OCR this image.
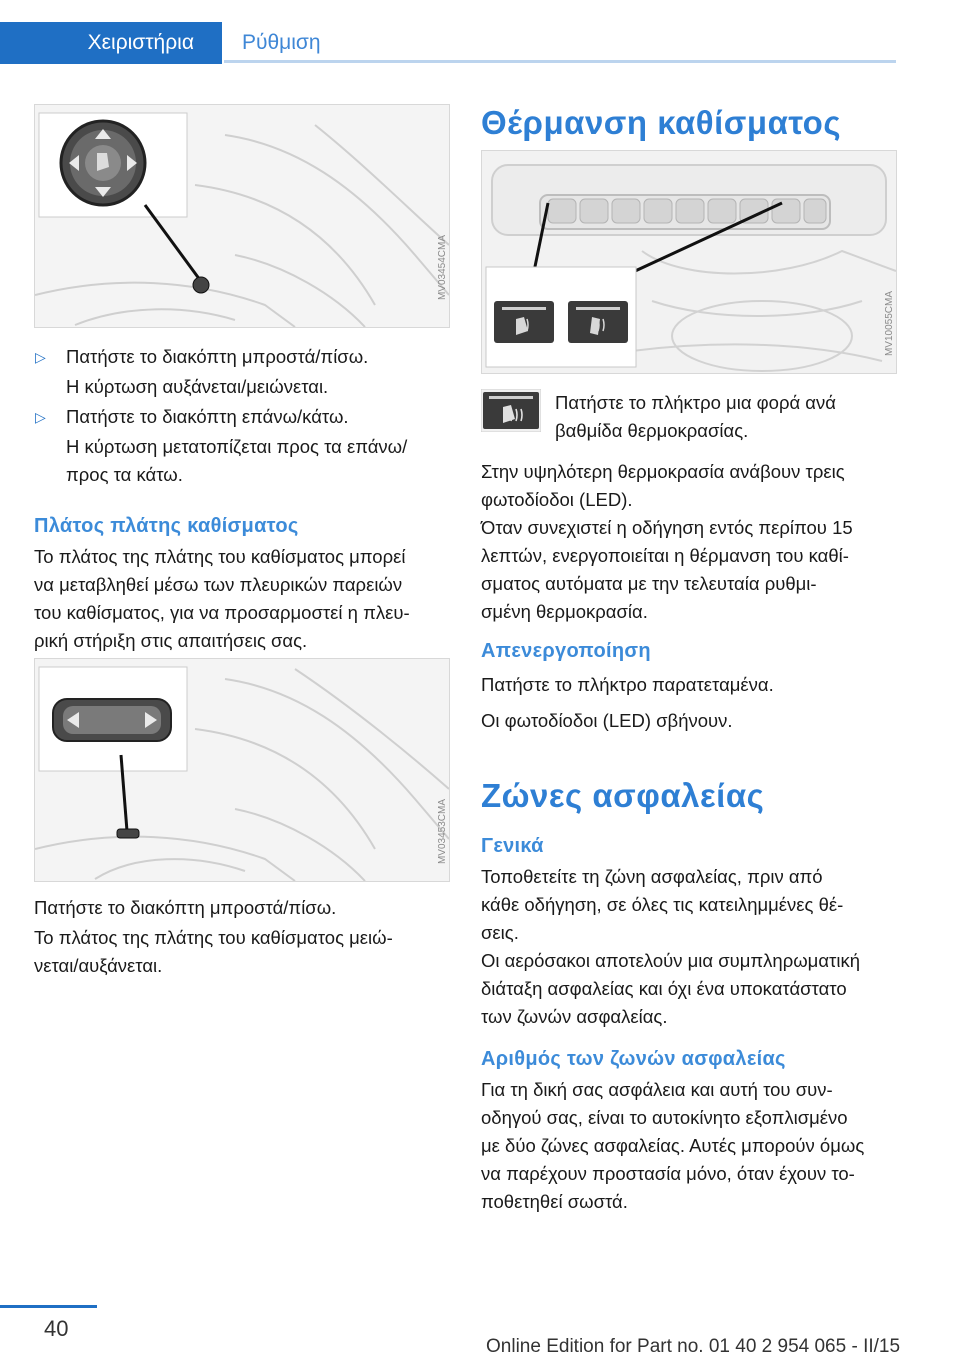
Χειριστήρια Ρύθμιση
MV03454CMA
▷ Πατήστε το διακόπτη μπροστά/πίσω.

Η κύρτωση αυξάνεται/μειώνεται.

▷ Πατήστε το διακόπτη επάνω/κάτω.

Η κύρτωση μετατοπίζεται προς τα επάνω/

προς τα κάτω.

Πλάτος πλάτης καθίσματος

Το πλάτος της πλάτης του καθίσματος μπορεί

να μεταβληθεί μέσω των πλευρικών παρειών

του καθίσματος, για να προσαρμοστεί η πλευ‐

ρική στήριξη στις απαιτήσεις σας.

MV03453CMA

Πατήστε το διακόπτη μπροστά/πίσω.

Το πλάτος της πλάτης του καθίσματος μειώ‐

νεται/αυξάνεται.

Θέρμανση καθίσματος
MV10055CMA

Πατήστε το πλήκτρο μια φορά ανά

βαθμίδα θερμοκρασίας.

Στην υψηλότερη θερμοκρασία ανάβουν τρεις

φωτοδίοδοι (LED).

Όταν συνεχιστεί η οδήγηση εντός περίπου 15

λεπτών, ενεργοποιείται η θέρμανση του καθί‐

σματος αυτόματα με την τελευταία ρυθμι‐

σμένη θερμοκρασία.

Απενεργοποίηση

Πατήστε το πλήκτρο παρατεταμένα.

Οι φωτοδίοδοι (LED) σβήνουν.

Ζώνες ασφαλείας
Γενικά

Τοποθετείτε τη ζώνη ασφαλείας, πριν από

κάθε οδήγηση, σε όλες τις κατειλημμένες θέ‐

σεις.

Οι αερόσακοι αποτελούν μια συμπληρωματική

διάταξη ασφαλείας και όχι ένα υποκατάστατο

των ζωνών ασφαλείας.

Αριθμός των ζωνών ασφαλείας

Για τη δική σας ασφάλεια και αυτή του συν‐

οδηγού σας, είναι το αυτοκίνητο εξοπλισμένο

με δύο ζώνες ασφαλείας. Αυτές μπορούν όμως

να παρέχουν προστασία μόνο, όταν έχουν το‐

ποθετηθεί σωστά.

40
Online Edition for Part no. 01 40 2 954 065 - II/15
